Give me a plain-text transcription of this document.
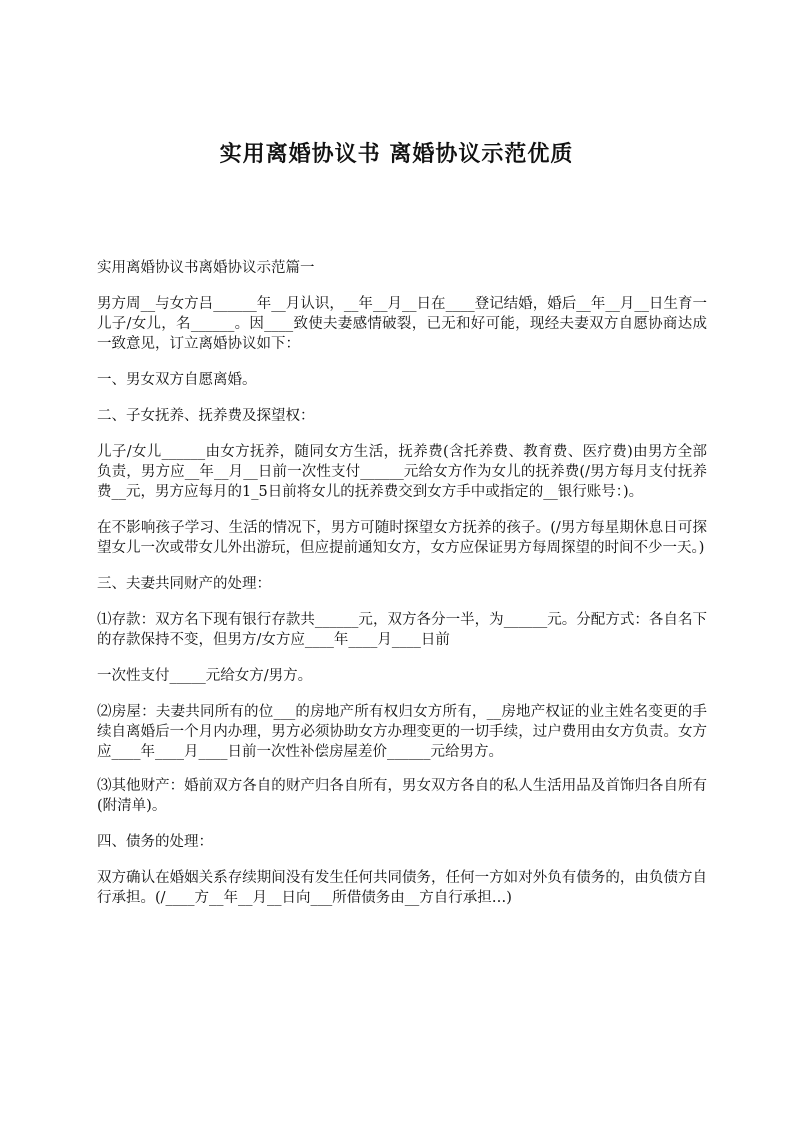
实用离婚协议书 离婚协议示范优质

实用离婚协议书离婚协议示范篇一

男方周__与女方吕______年__月认识，__年__月__日在____登记结婚，婚后__年__月__日生育一儿子/女儿，名______。因____致使夫妻感情破裂，已无和好可能，现经夫妻双方自愿协商达成一致意见，订立离婚协议如下：

一、男女双方自愿离婚。

二、子女抚养、抚养费及探望权：

儿子/女儿______由女方抚养，随同女方生活，抚养费(含托养费、教育费、医疗费)由男方全部负责，男方应__年__月__日前一次性支付______元给女方作为女儿的抚养费(/男方每月支付抚养费__元，男方应每月的1_5日前将女儿的抚养费交到女方手中或指定的__银行账号：)。

在不影响孩子学习、生活的情况下，男方可随时探望女方抚养的孩子。(/男方每星期休息日可探望女儿一次或带女儿外出游玩，但应提前通知女方，女方应保证男方每周探望的时间不少一天。)

三、夫妻共同财产的处理：

⑴存款：双方名下现有银行存款共______元，双方各分一半，为______元。分配方式：各自名下的存款保持不变，但男方/女方应____年____月____日前

一次性支付_____元给女方/男方。

⑵房屋：夫妻共同所有的位___的房地产所有权归女方所有，__房地产权证的业主姓名变更的手续自离婚后一个月内办理，男方必须协助女方办理变更的一切手续，过户费用由女方负责。女方应____年____月____日前一次性补偿房屋差价______元给男方。

⑶其他财产：婚前双方各自的财产归各自所有，男女双方各自的私人生活用品及首饰归各自所有(附清单)。

四、债务的处理：

双方确认在婚姻关系存续期间没有发生任何共同债务，任何一方如对外负有债务的，由负债方自行承担。(/____方__年__月__日向___所借债务由__方自行承担…)
